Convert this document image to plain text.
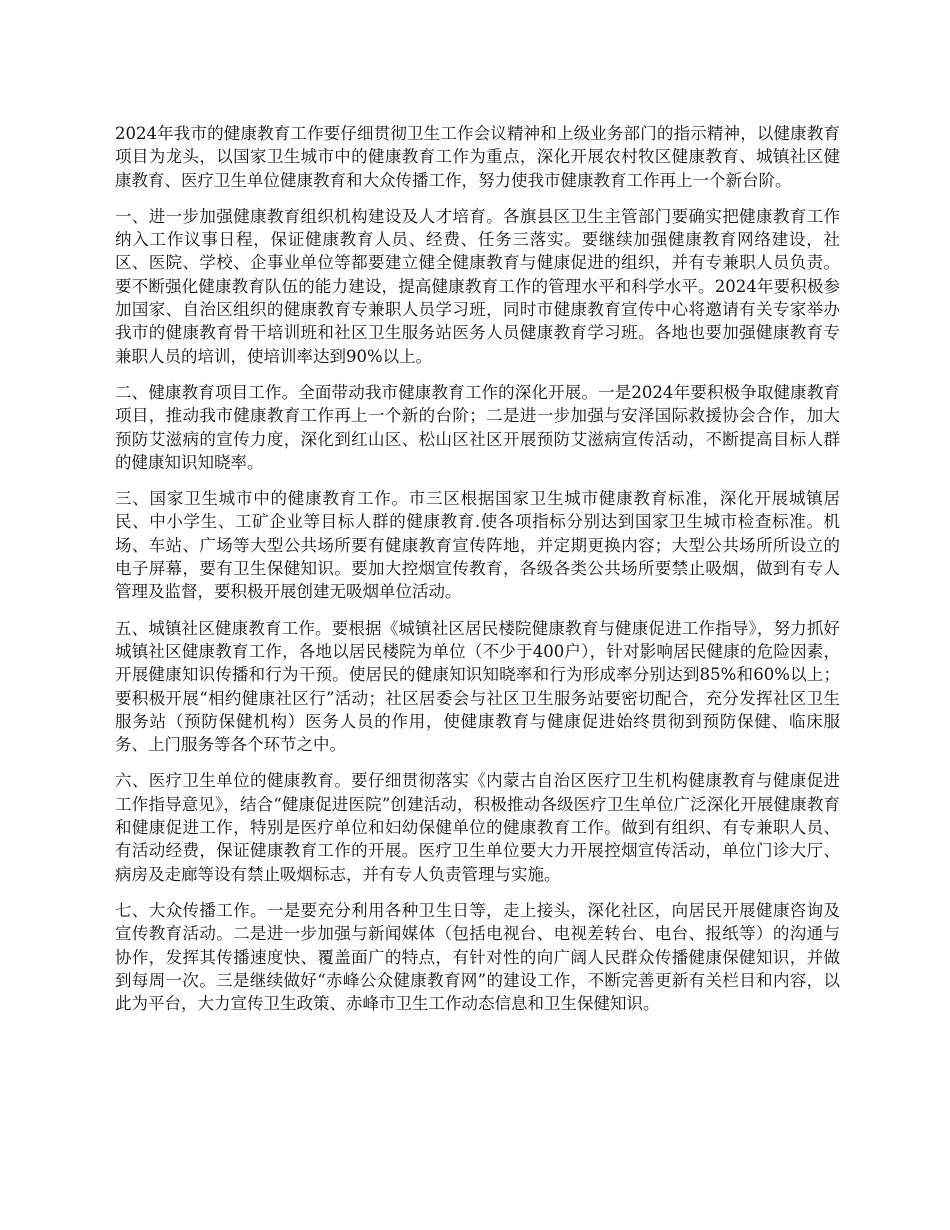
2024年我市的健康教育工作要仔细贯彻卫生工作会议精神和上级业务部门的指示精神，以健康教育项目为龙头，以国家卫生城市中的健康教育工作为重点，深化开展农村牧区健康教育、城镇社区健康教育、医疗卫生单位健康教育和大众传播工作，努力使我市健康教育工作再上一个新台阶。

一、进一步加强健康教育组织机构建设及人才培育。各旗县区卫生主管部门要确实把健康教育工作纳入工作议事日程，保证健康教育人员、经费、任务三落实。要继续加强健康教育网络建设，社区、医院、学校、企事业单位等都要建立健全健康教育与健康促进的组织，并有专兼职人员负责。要不断强化健康教育队伍的能力建设，提高健康教育工作的管理水平和科学水平。2024年要积极参加国家、自治区组织的健康教育专兼职人员学习班，同时市健康教育宣传中心将邀请有关专家举办我市的健康教育骨干培训班和社区卫生服务站医务人员健康教育学习班。各地也要加强健康教育专兼职人员的培训，使培训率达到90%以上。

二、健康教育项目工作。全面带动我市健康教育工作的深化开展。一是2024年要积极争取健康教育项目，推动我市健康教育工作再上一个新的台阶；二是进一步加强与安泽国际救援协会合作，加大预防艾滋病的宣传力度，深化到红山区、松山区社区开展预防艾滋病宣传活动，不断提高目标人群的健康知识知晓率。

三、国家卫生城市中的健康教育工作。市三区根据国家卫生城市健康教育标准，深化开展城镇居民、中小学生、工矿企业等目标人群的健康教育.使各项指标分别达到国家卫生城市检查标准。机场、车站、广场等大型公共场所要有健康教育宣传阵地，并定期更换内容；大型公共场所所设立的电子屏幕，要有卫生保健知识。要加大控烟宣传教育，各级各类公共场所要禁止吸烟，做到有专人管理及监督，要积极开展创建无吸烟单位活动。

五、城镇社区健康教育工作。要根据《城镇社区居民楼院健康教育与健康促进工作指导》，努力抓好城镇社区健康教育工作，各地以居民楼院为单位（不少于400户），针对影响居民健康的危险因素，开展健康知识传播和行为干预。使居民的健康知识知晓率和行为形成率分别达到85%和60%以上；要积极开展“相约健康社区行”活动；社区居委会与社区卫生服务站要密切配合，充分发挥社区卫生服务站（预防保健机构）医务人员的作用，使健康教育与健康促进始终贯彻到预防保健、临床服务、上门服务等各个环节之中。

六、医疗卫生单位的健康教育。要仔细贯彻落实《内蒙古自治区医疗卫生机构健康教育与健康促进工作指导意见》，结合“健康促进医院”创建活动，积极推动各级医疗卫生单位广泛深化开展健康教育和健康促进工作，特别是医疗单位和妇幼保健单位的健康教育工作。做到有组织、有专兼职人员、有活动经费，保证健康教育工作的开展。医疗卫生单位要大力开展控烟宣传活动，单位门诊大厅、病房及走廊等设有禁止吸烟标志，并有专人负责管理与实施。

七、大众传播工作。一是要充分利用各种卫生日等，走上接头，深化社区，向居民开展健康咨询及宣传教育活动。二是进一步加强与新闻媒体（包括电视台、电视差转台、电台、报纸等）的沟通与协作，发挥其传播速度快、覆盖面广的特点，有针对性的向广阔人民群众传播健康保健知识，并做到每周一次。三是继续做好“赤峰公众健康教育网”的建设工作，不断完善更新有关栏目和内容，以此为平台，大力宣传卫生政策、赤峰市卫生工作动态信息和卫生保健知识。
